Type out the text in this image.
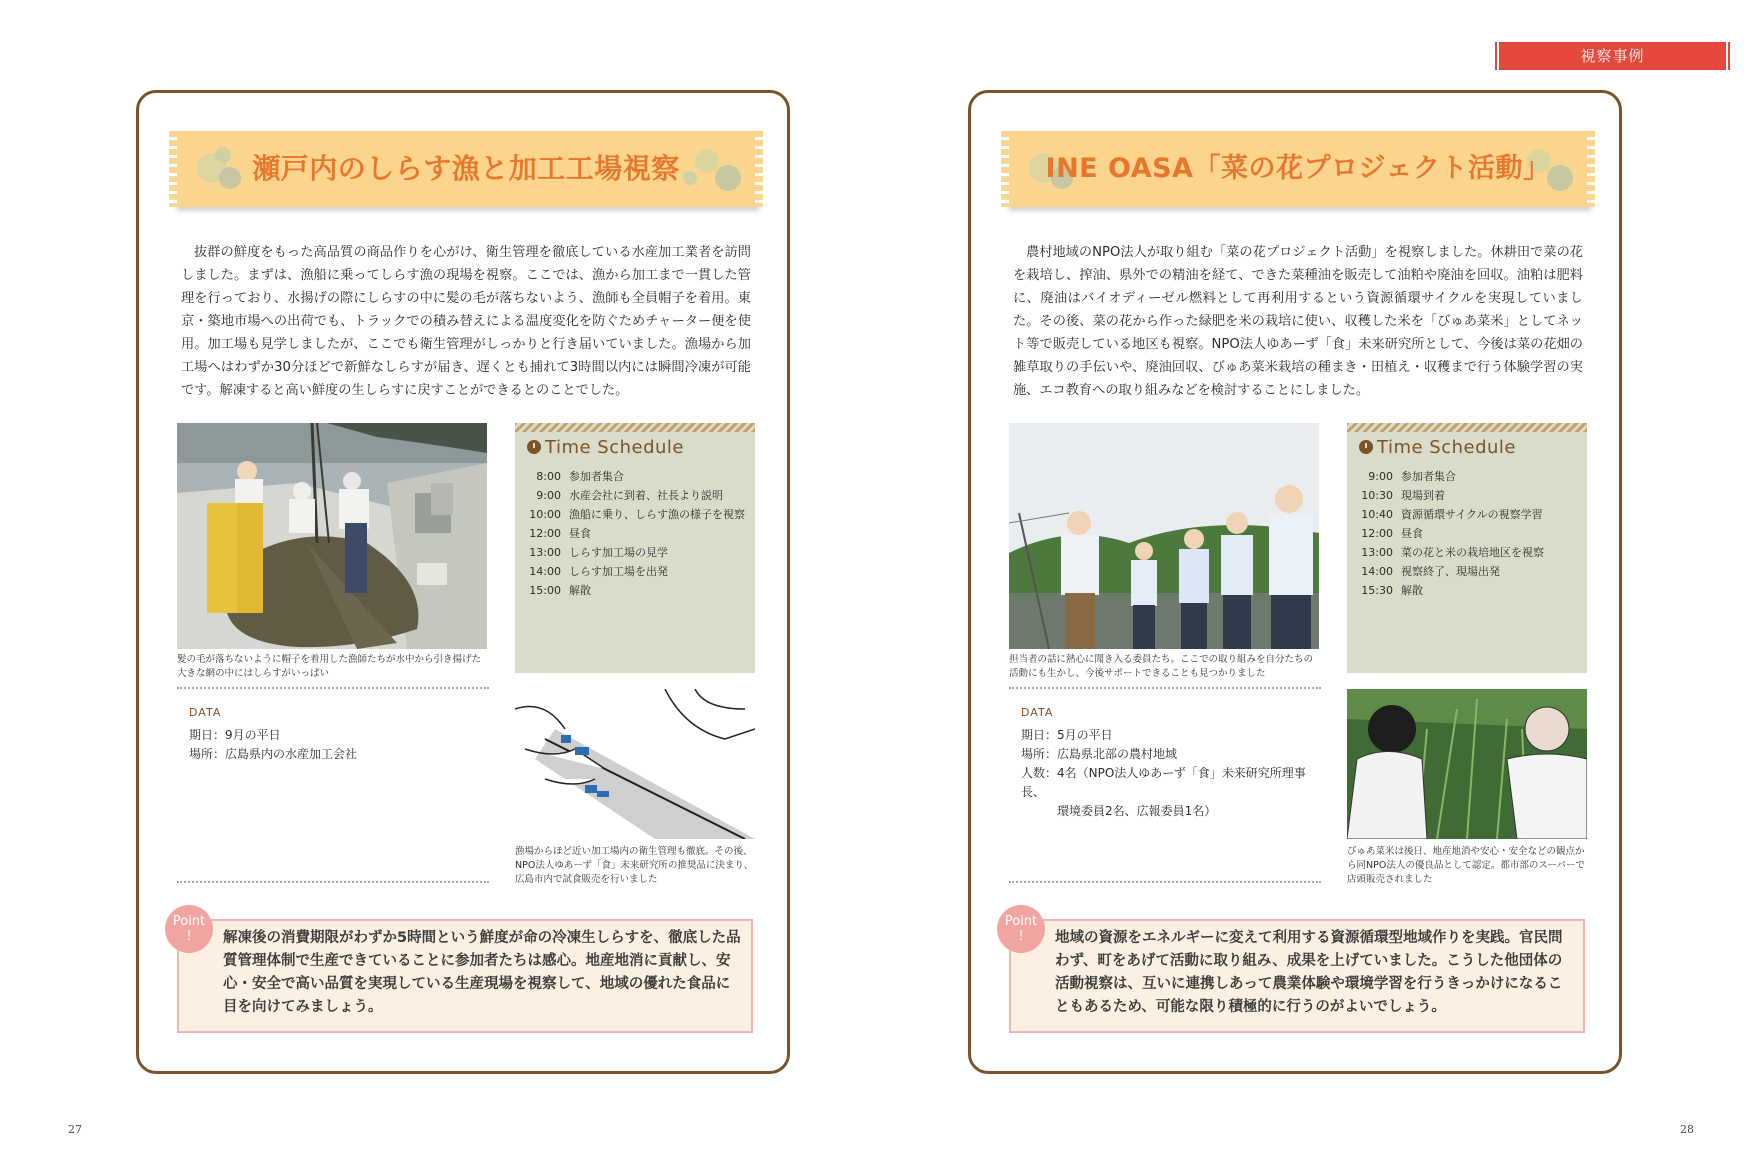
視察事例
瀬戸内のしらす漁と加工工場視察
抜群の鮮度をもった高品質の商品作りを心がけ、衛生管理を徹底している水産加工業者を訪問しました。まずは、漁船に乗ってしらす漁の現場を視察。ここでは、漁から加工まで一貫した管理を行っており、水揚げの際にしらすの中に髪の毛が落ちないよう、漁師も全員帽子を着用。東京・築地市場への出荷でも、トラックでの積み替えによる温度変化を防ぐためチャーター便を使用。加工場も見学しましたが、ここでも衛生管理がしっかりと行き届いていました。漁場から加工場へはわずか30分ほどで新鮮なしらすが届き、遅くとも捕れて3時間以内には瞬間冷凍が可能です。解凍すると高い鮮度の生しらすに戻すことができるとのことでした。
髪の毛が落ちないように帽子を着用した漁師たちが水中から引き揚げた大きな網の中にはしらすがいっぱい
Time Schedule
8:00 参加者集合
9:00 水産会社に到着、社長より説明
10:00 漁船に乗り、しらす漁の様子を視察
12:00 昼食
13:00 しらす加工場の見学
14:00 しらす加工場を出発
15:00 解散
DATA
期日：9月の平日
場所：広島県内の水産加工会社
漁場からほど近い加工場内の衛生管理も徹底。その後、NPO法人ゆあーず「食」未来研究所の推奨品に決まり、広島市内で試食販売を行いました
Point
!	解凍後の消費期限がわずか5時間という鮮度が命の冷凍生しらすを、徹底した品質管理体制で生産できていることに参加者たちは感心。地産地消に貢献し、安心・安全で高い品質を実現している生産現場を視察して、地域の優れた食品に目を向けてみましょう。
INE OASA「菜の花プロジェクト活動」
農村地域のNPO法人が取り組む「菜の花プロジェクト活動」を視察しました。休耕田で菜の花を栽培し、搾油、県外での精油を経て、できた菜種油を販売して油粕や廃油を回収。油粕は肥料に、廃油はバイオディーゼル燃料として再利用するという資源循環サイクルを実現していました。その後、菜の花から作った緑肥を米の栽培に使い、収穫した米を「びゅあ菜米」としてネット等で販売している地区も視察。NPO法人ゆあーず「食」未来研究所として、今後は菜の花畑の雑草取りの手伝いや、廃油回収、びゅあ菜米栽培の種まき・田植え・収穫まで行う体験学習の実施、エコ教育への取り組みなどを検討することにしました。
担当者の話に熱心に聞き入る委員たち。ここでの取り組みを自分たちの活動にも生かし、今後サポートできることも見つかりました
Time Schedule
9:00 参加者集合
10:30 現場到着
10:40 資源循環サイクルの視察学習
12:00 昼食
13:00 菜の花と米の栽培地区を視察
14:00 視察終了、現場出発
15:30 解散
DATA
期日：5月の平日
場所：広島県北部の農村地域
人数：4名（NPO法人ゆあーず「食」未来研究所理事長、
　　　環境委員2名、広報委員1名）
びゅあ菜米は後日、地産地消や安心・安全などの観点から同NPO法人の優良品として認定。都市部のスーパーで店頭販売されました
Point
!	地域の資源をエネルギーに変えて利用する資源循環型地域作りを実践。官民問わず、町をあげて活動に取り組み、成果を上げていました。こうした他団体の活動視察は、互いに連携しあって農業体験や環境学習を行うきっかけになることもあるため、可能な限り積極的に行うのがよいでしょう。
27	28
